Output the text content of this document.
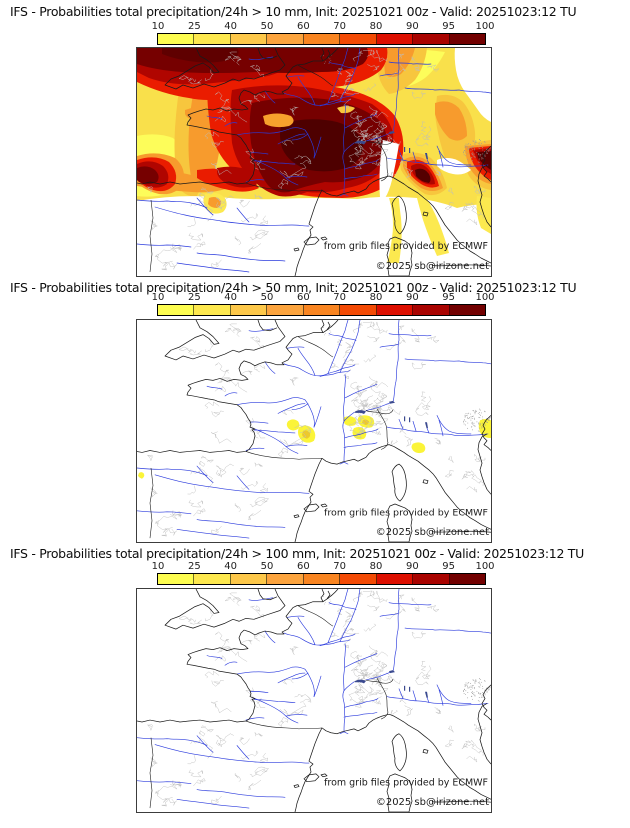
IFS - Probabilities total precipitation/24h > 10 mm, Init: 20251021 00z - Valid: 20251023:12 TU
10 25 40 50 60 70 80 90 95 100
from grib files provided by ECMWF
©2025 sb@irizone.net
IFS - Probabilities total precipitation/24h > 50 mm, Init: 20251021 00z - Valid: 20251023:12 TU
10 25 40 50 60 70 80 90 95 100
from grib files provided by ECMWF
©2025 sb@irizone.net
IFS - Probabilities total precipitation/24h > 100 mm, Init: 20251021 00z - Valid: 20251023:12 TU
10 25 40 50 60 70 80 90 95 100
from grib files provided by ECMWF
©2025 sb@irizone.net
